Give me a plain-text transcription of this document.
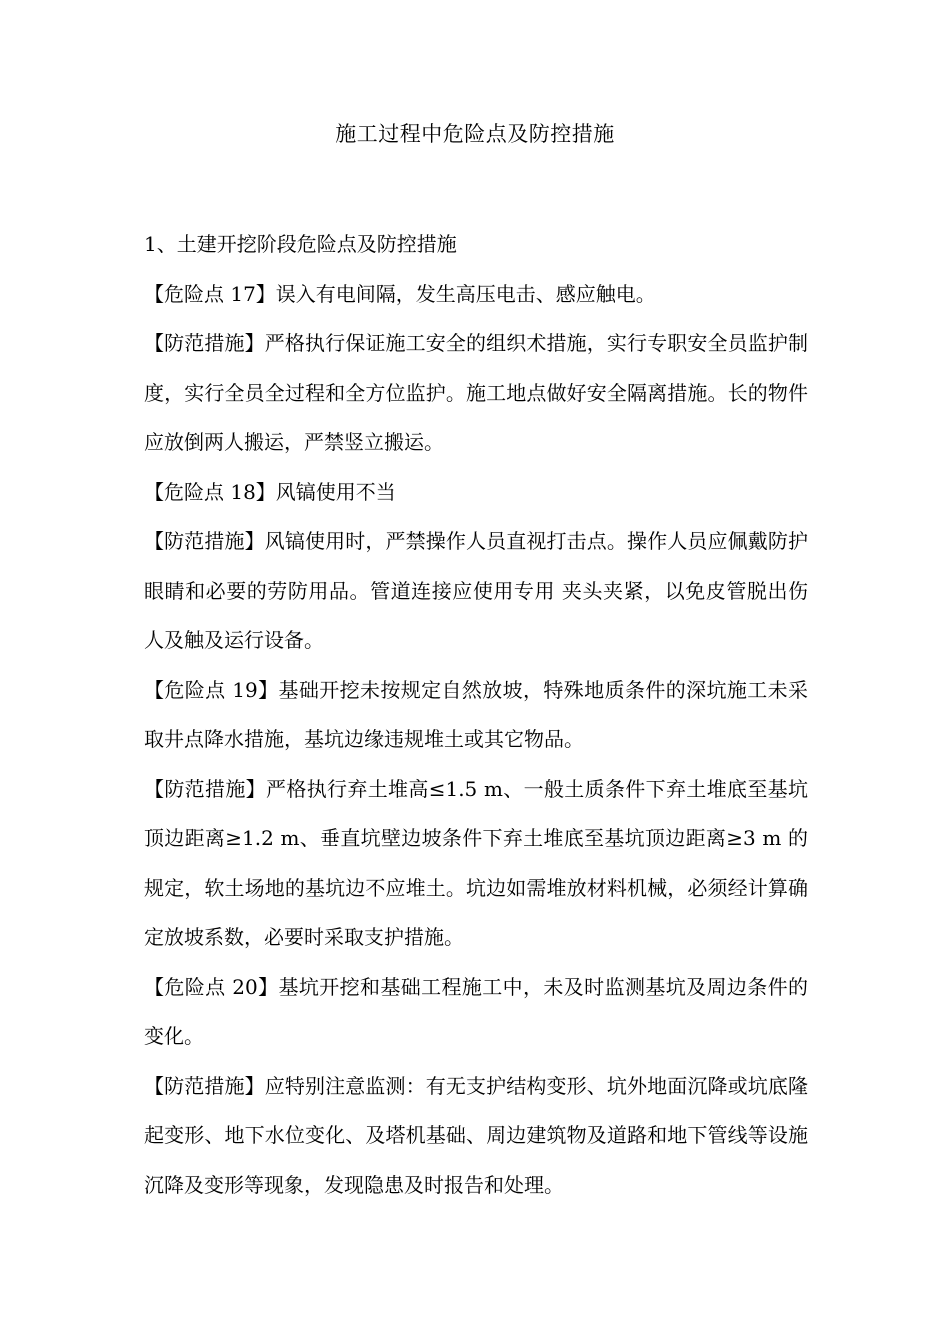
施工过程中危险点及防控措施

1、土建开挖阶段危险点及防控措施

【危险点 17】误入有电间隔，发生高压电击、感应触电。

【防范措施】严格执行保证施工安全的组织术措施，实行专职安全员监护制度，实行全员全过程和全方位监护。施工地点做好安全隔离措施。长的物件应放倒两人搬运，严禁竖立搬运。

【危险点 18】风镐使用不当

【防范措施】风镐使用时，严禁操作人员直视打击点。操作人员应佩戴防护眼睛和必要的劳防用品。管道连接应使用专用 夹头夹紧，以免皮管脱出伤人及触及运行设备。

【危险点 19】基础开挖未按规定自然放坡，特殊地质条件的深坑施工未采取井点降水措施，基坑边缘违规堆土或其它物品。

【防范措施】严格执行弃土堆高≤1.5 m、一般土质条件下弃土堆底至基坑顶边距离≥1.2 m、垂直坑壁边坡条件下弃土堆底至基坑顶边距离≥3 m 的规定，软土场地的基坑边不应堆土。坑边如需堆放材料机械，必须经计算确定放坡系数，必要时采取支护措施。

【危险点 20】基坑开挖和基础工程施工中，未及时监测基坑及周边条件的变化。

【防范措施】应特别注意监测：有无支护结构变形、坑外地面沉降或坑底隆起变形、地下水位变化、及塔机基础、周边建筑物及道路和地下管线等设施沉降及变形等现象，发现隐患及时报告和处理。
